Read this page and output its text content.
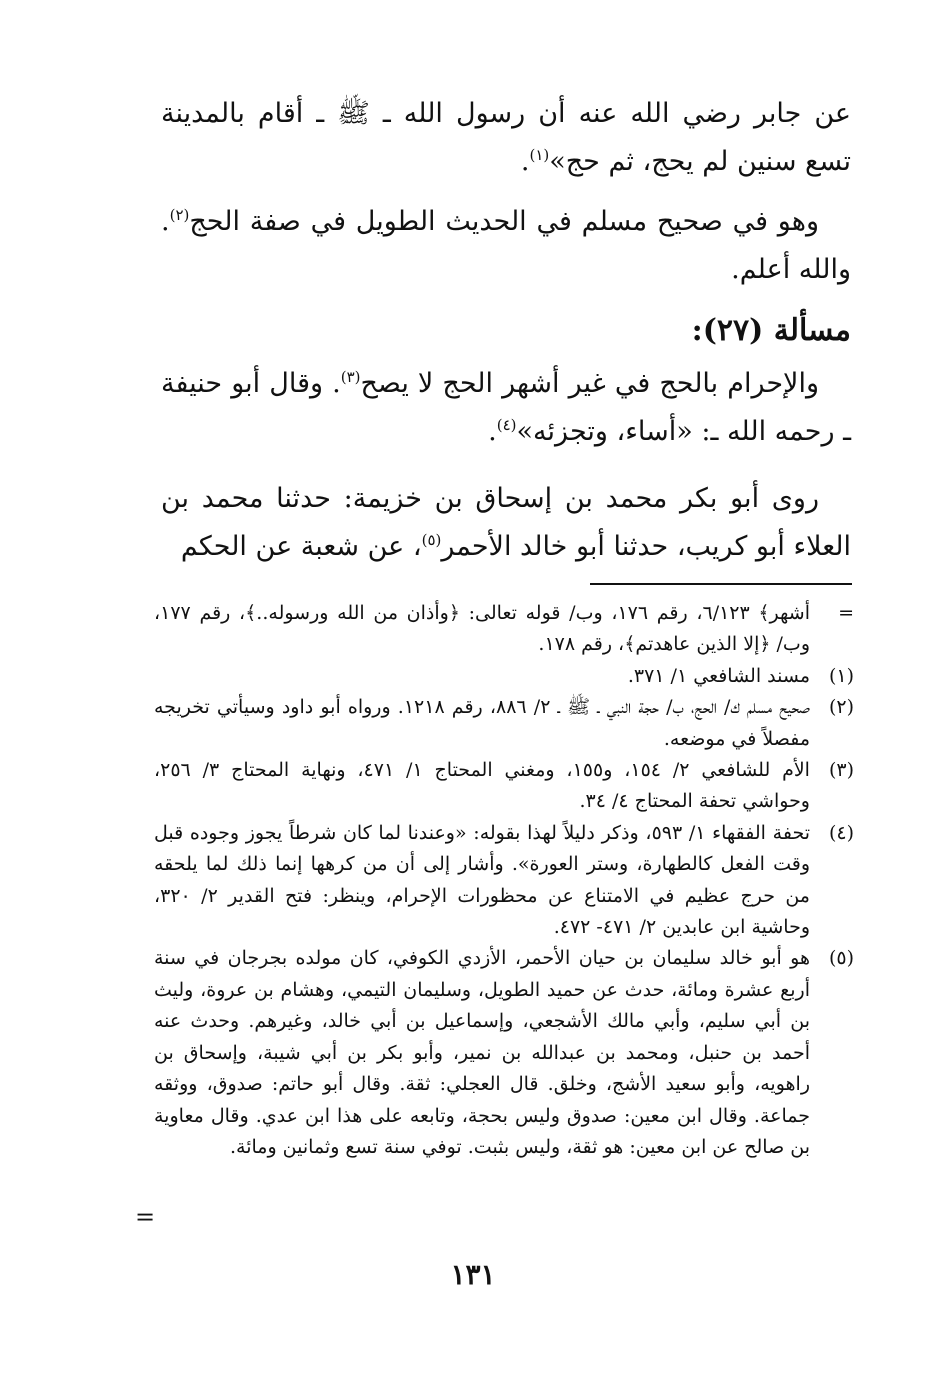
عن جابر رضي الله عنه أن رسول الله ـ ﷺ ـ أقام بالمدينة تسع سنين لم يحج، ثم حج»$^{(١)}$.

وهو في صحيح مسلم في الحديث الطويل في صفة الحج$^{(٢)}$. والله أعلم.

مسألة (٢٧):

والإحرام بالحج في غير أشهر الحج لا يصح$^{(٣)}$. وقال أبو حنيفة ـ رحمه الله ـ: «أساء، وتجزئه»$^{(٤)}$.

روى أبو بكر محمد بن إسحاق بن خزيمة: حدثنا محمد بن العلاء أبو كريب، حدثنا أبو خالد الأحمر$^{(٥)}$، عن شعبة عن الحكم

=
أشهر﴾ ٦/١٢٣، رقم ١٧٦، وب/ قوله تعالى: ﴿وأذان من الله ورسوله..﴾، رقم ١٧٧، وب/ ﴿إلا الذين عاهدتم﴾، رقم ١٧٨.
(١)
مسند الشافعي ١/ ٣٧١.
(٢)
صحيح مسلم ك/ الحج، ب/ حجة النبي ـ ﷺ ـ ٢/ ٨٨٦، رقم ١٢١٨. ورواه أبو داود وسيأتي تخريجه مفصلاً في موضعه.
(٣)
الأم للشافعي ٢/ ١٥٤، و١٥٥، ومغني المحتاج ١/ ٤٧١، ونهاية المحتاج ٣/ ٢٥٦، وحواشي تحفة المحتاج ٤/ ٣٤.
(٤)
تحفة الفقهاء ١/ ٥٩٣، وذكر دليلاً لهذا بقوله: «وعندنا لما كان شرطاً يجوز وجوده قبل وقت الفعل كالطهارة، وستر العورة». وأشار إلى أن من كرهها إنما ذلك لما يلحقه من حرج عظيم في الامتناع عن محظورات الإحرام، وينظر: فتح القدير ٢/ ٣٢٠، وحاشية ابن عابدين ٢/ ٤٧١- ٤٧٢.
(٥)
هو أبو خالد سليمان بن حيان الأحمر، الأزدي الكوفي، كان مولده بجرجان في سنة أربع عشرة ومائة، حدث عن حميد الطويل، وسليمان التيمي، وهشام بن عروة، وليث بن أبي سليم، وأبي مالك الأشجعي، وإسماعيل بن أبي خالد، وغيرهم. وحدث عنه أحمد بن حنبل، ومحمد بن عبدالله بن نمير، وأبو بكر بن أبي شيبة، وإسحاق بن راهويه، وأبو سعيد الأشج، وخلق. قال العجلي: ثقة. وقال أبو حاتم: صدوق، ووثقه جماعة. وقال ابن معين: صدوق وليس بحجة، وتابعه على هذا ابن عدي. وقال معاوية بن صالح عن ابن معين: هو ثقة، وليس بثبت. توفي سنة تسع وثمانين ومائة.
=
١٣١
